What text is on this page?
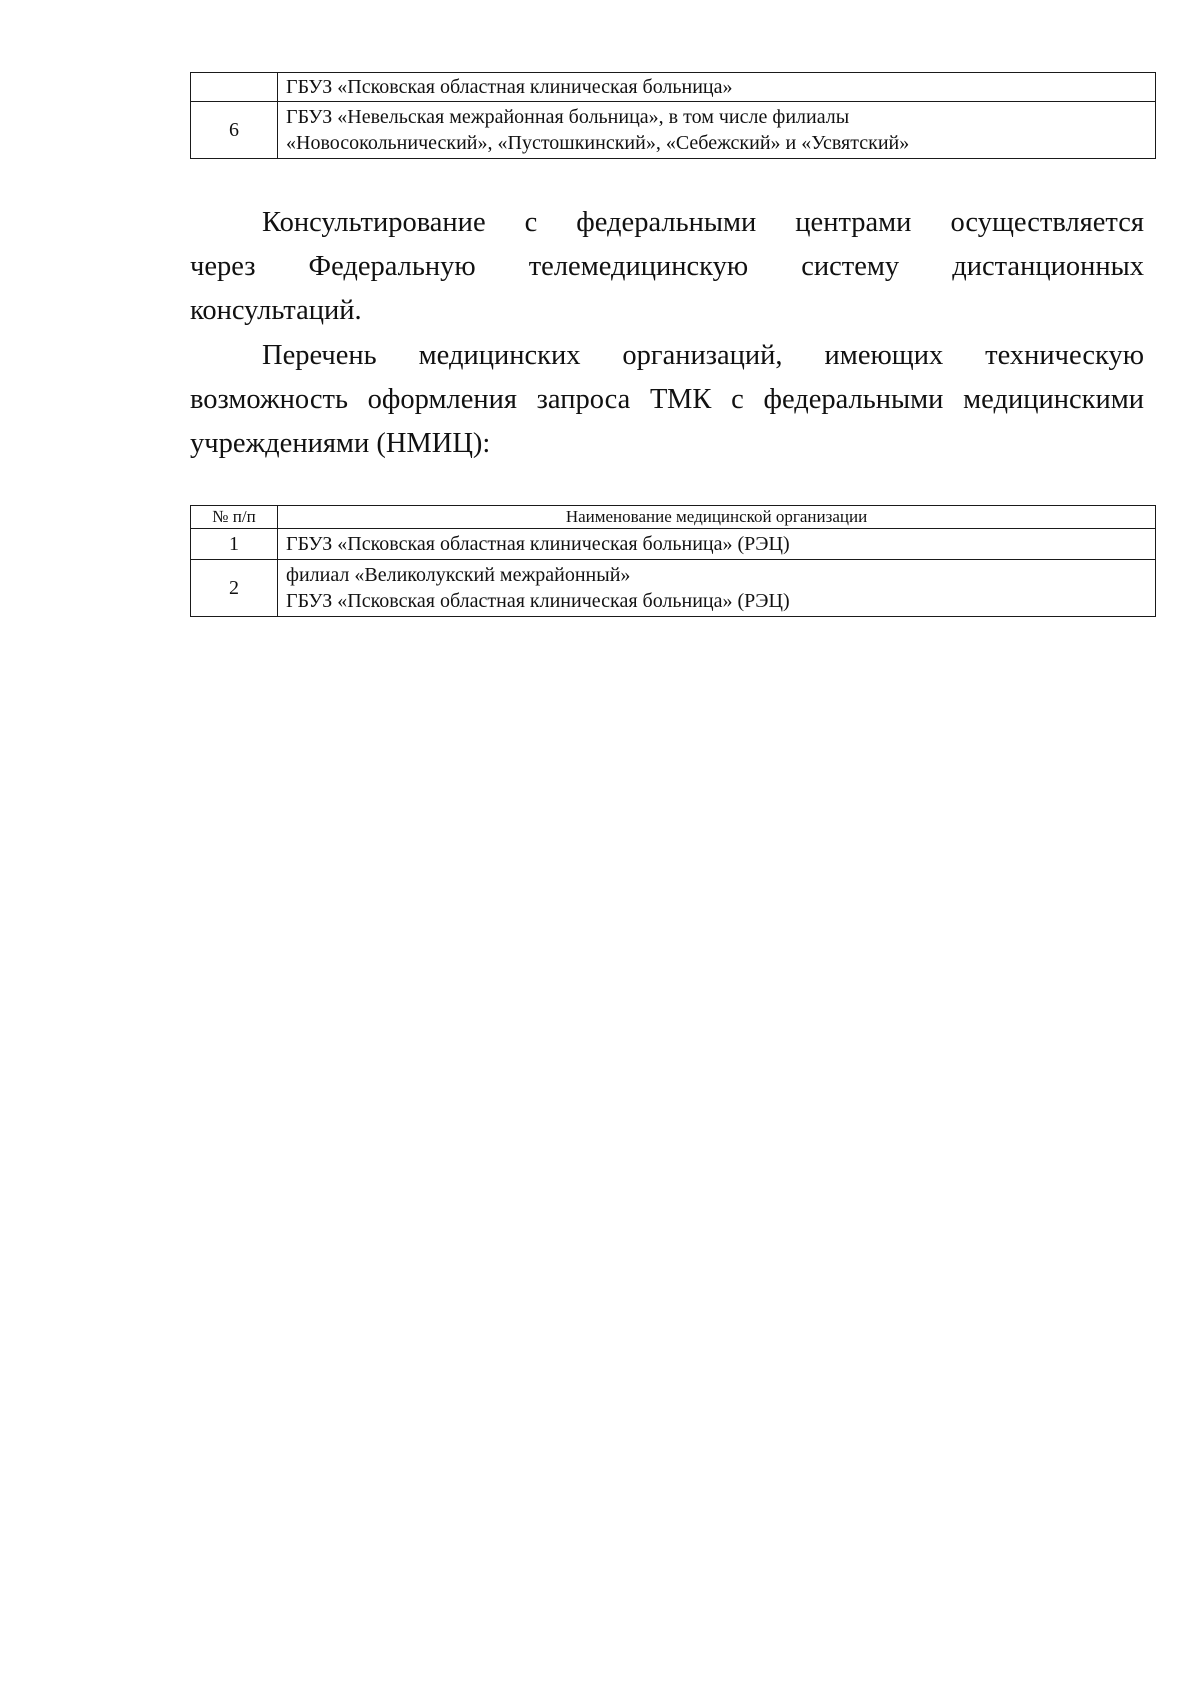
	ГБУЗ «Псковская областная клиническая больница»

6	ГБУЗ «Невельская межрайонная больница», в том числе филиалы
«Новосокольнический», «Пустошкинский», «Себежский» и «Усвятский»

Консультирование с федеральными центрами осуществляется
через Федеральную телемедицинскую систему дистанционных
консультаций.

Перечень медицинских организаций, имеющих техническую
возможность оформления запроса ТМК с федеральными медицинскими
учреждениями (НМИЦ):

№ п/п	Наименование медицинской организации
1	ГБУЗ «Псковская областная клиническая больница» (РЭЦ)

2	филиал «Великолукский межрайонный»
ГБУЗ «Псковская областная клиническая больница» (РЭЦ)
